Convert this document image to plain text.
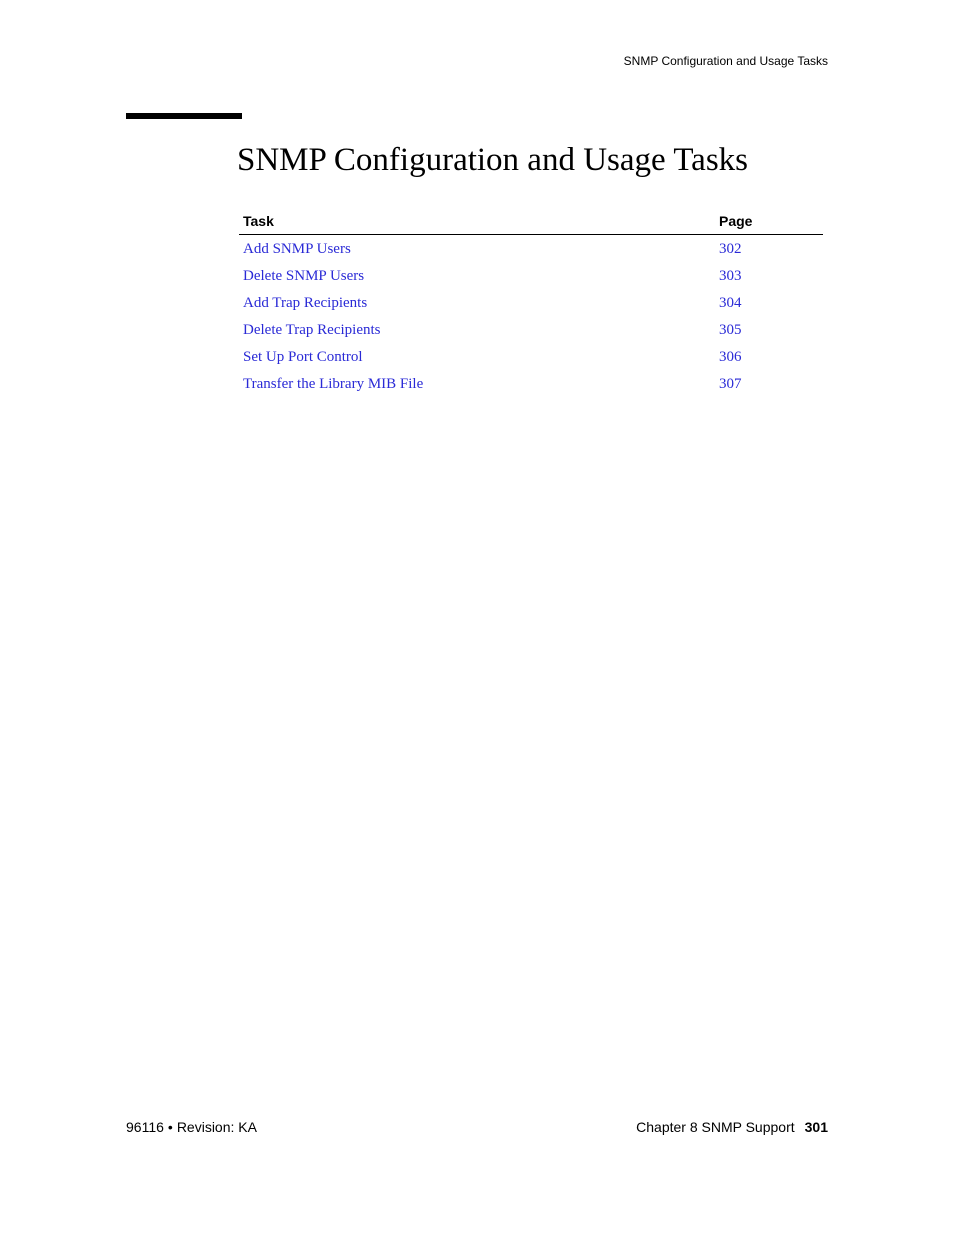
SNMP Configuration and Usage Tasks
SNMP Configuration and Usage Tasks
Task	Page
Add SNMP Users	302
Delete SNMP Users	303
Add Trap Recipients	304
Delete Trap Recipients	305
Set Up Port Control	306
Transfer the Library MIB File	307
96116 • Revision: KA	Chapter 8 SNMP Support 301
